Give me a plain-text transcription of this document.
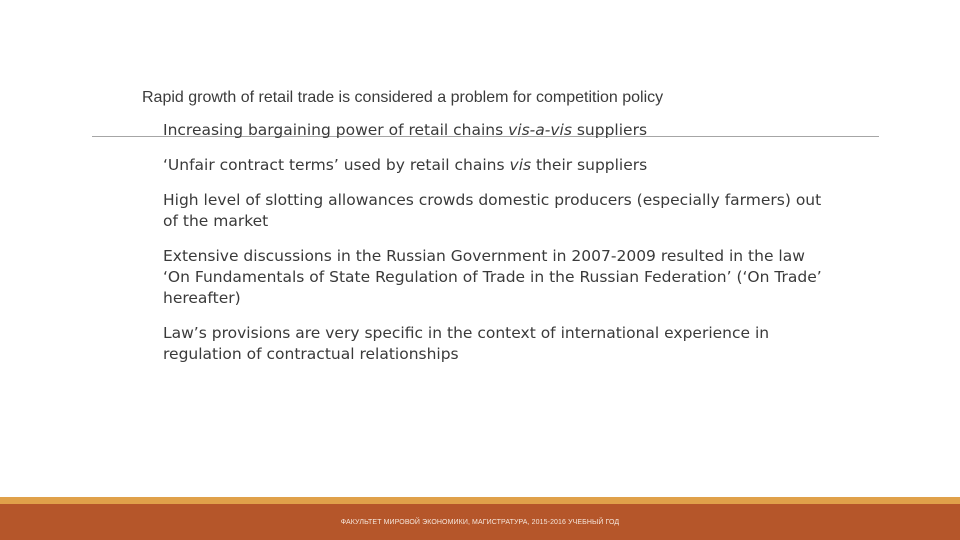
Rapid growth of retail trade is considered a problem for competition policy
Increasing bargaining power of retail chains vis-a-vis suppliers
‘Unfair contract terms’ used by retail chains vis their suppliers
High level of slotting allowances crowds domestic producers (especially farmers) out of the market
Extensive discussions in the Russian Government in 2007-2009 resulted in the law ‘On Fundamentals of State Regulation of Trade in the Russian Federation’ (‘On Trade’ hereafter)
Law’s provisions are very specific in the context of international experience in regulation of contractual relationships
ФАКУЛЬТЕТ МИРОВОЙ ЭКОНОМИКИ, МАГИСТРАТУРА, 2015-2016 УЧЕБНЫЙ ГОД
